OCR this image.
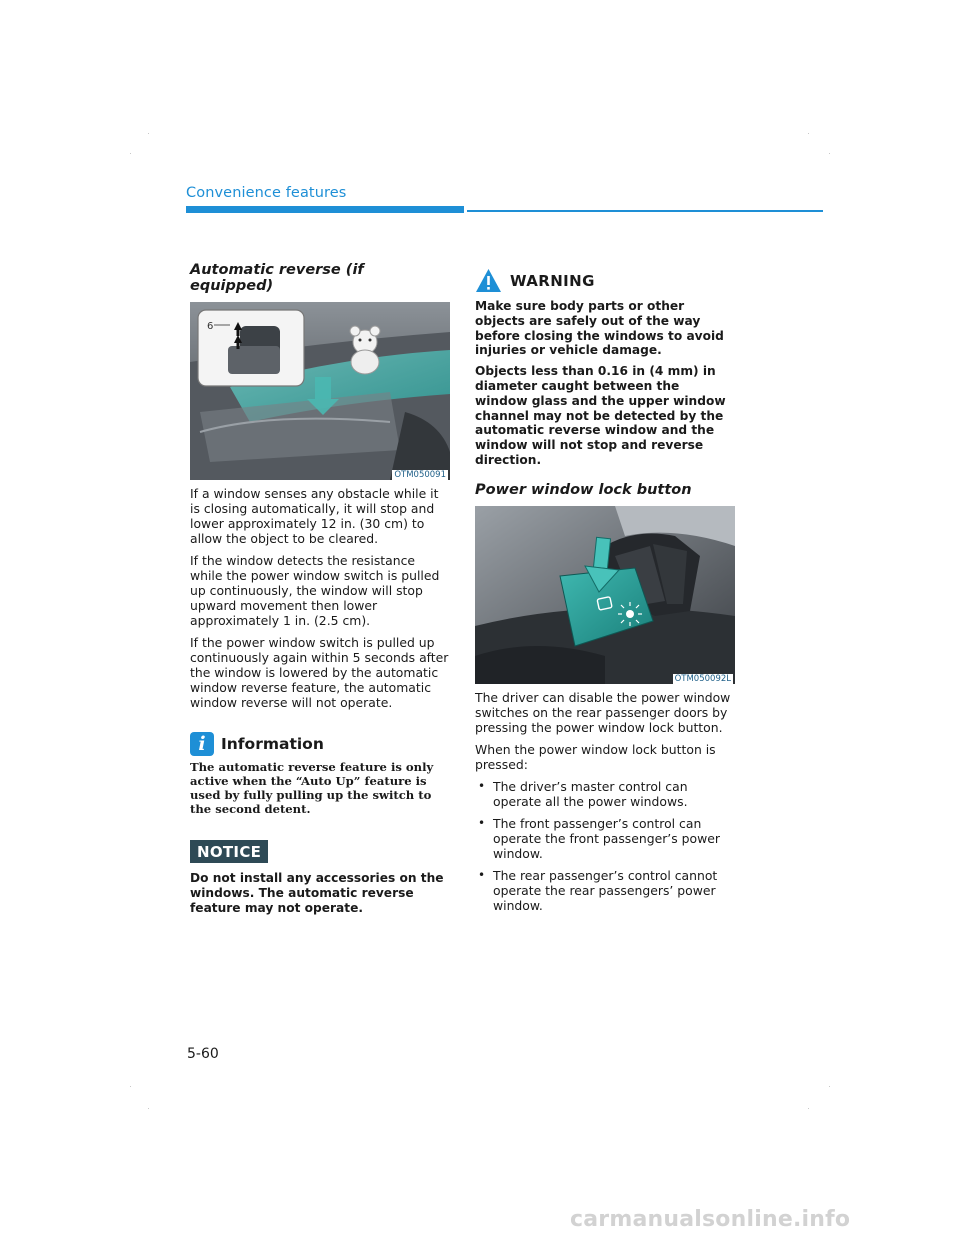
Convenience features
Automatic reverse (if equipped)
6
OTM050091

If a window senses any obstacle while it is closing automatically, it will stop and lower approximately 12 in. (30 cm) to allow the object to be cleared.

If the window detects the resistance while the power window switch is pulled up continuously, the window will stop upward movement then lower approximately 1 in. (2.5 cm).

If the power window switch is pulled up continuously again within 5 seconds after the window is lowered by the automatic window reverse feature, the automatic window reverse will not operate.

i Information

The automatic reverse feature is only active when the “Auto Up” feature is used by fully pulling up the switch to the second detent.

NOTICE

Do not install any accessories on the windows. The automatic reverse feature may not operate.

WARNING

Make sure body parts or other objects are safely out of the way before closing the windows to avoid injuries or vehicle damage.

Objects less than 0.16 in (4 mm) in diameter caught between the window glass and the upper window channel may not be detected by the automatic reverse window and the window will not stop and reverse direction.

Power window lock button
OTM050092L

The driver can disable the power window switches on the rear passenger doors by pressing the power window lock button.

When the power window lock button is pressed:

• The driver’s master control can operate all the power windows.
• The front passenger’s control can operate the front passenger’s power window.
• The rear passenger’s control cannot operate the rear passengers’ power window.
5-60
carmanualsonline.info
